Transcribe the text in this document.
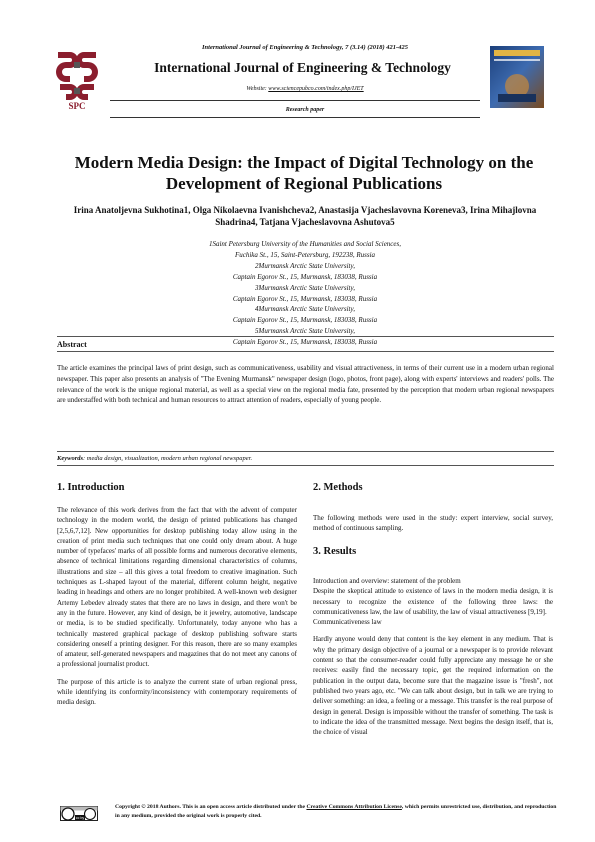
International Journal of Engineering & Technology, 7 (3.14) (2018) 421-425
SPC
International Journal of Engineering & Technology
Website: www.sciencepubco.com/index.php/IJET
Research paper
Modern Media Design: the Impact of Digital Technology on the Development of Regional Publications
Irina Anatoljevna Sukhotina1, Olga Nikolaevna Ivanishcheva2, Anastasija Vjacheslavovna Koreneva3, Irina Mihajlovna Shadrina4, Tatjana Vjacheslavovna Ashutova5
1Saint Petersburg University of the Humanities and Social Sciences,
Fuchika St., 15, Saint-Petersburg, 192238, Russia
2Murmansk Arctic State University,
Captain Egorov St., 15, Murmansk, 183038, Russia
3Murmansk Arctic State University,
Captain Egorov St., 15, Murmansk, 183038, Russia
4Murmansk Arctic State University,
Captain Egorov St., 15, Murmansk, 183038, Russia
5Murmansk Arctic State University,
Captain Egorov St., 15, Murmansk, 183038, Russia
Abstract
The article examines the principal laws of print design, such as communicativeness, usability and visual attractiveness, in terms of their current use in a modern urban regional newspaper. This paper also presents an analysis of "The Evening Murmansk" newspaper design (logo, photos, front page), along with experts' interviews and readers' polls. The relevance of the work is the unique regional material, as well as a special view on the regional media fate, presented by the perception that modern urban regional newspapers are understaffed with both technical and human resources to attract attention of readers, especially of young people.
Keywords: media design, visualization, modern urban regional newspaper.
1. Introduction

The relevance of this work derives from the fact that with the advent of computer technology in the modern world, the design of printed publications has changed [2,5,6,7,12]. New opportunities for desktop publishing today allow using in the creation of print media such techniques that one could only dream about. A huge number of typefaces' marks of all possible forms and numerous decorative elements, absence of technical limitations regarding dimensional characteristics of columns, illustrations and size – all this gives a total freedom to creative imagination. Such techniques as L-shaped layout of the material, different column height, negative leading in headings and others are no longer prohibited. A well-known web designer Artemy Lebedev already states that there are no laws in design, and there won't be any in the future. However, any kind of design, be it jewelry, automotive, landscape or media, is to be studied specifically. Unfortunately, today anyone who has a technically mastered graphical package of desktop publishing software starts considering oneself a printing designer. For this reason, there are so many examples of amateur, self-generated newspapers and magazines that do not meet any canons of a professional journalist product.

The purpose of this article is to analyze the current state of urban regional press, while identifying its conformity/inconsistency with contemporary requirements of media design.

2. Methods

The following methods were used in the study: expert interview, social survey, method of continuous sampling.

3. Results
Introduction and overview: statement of the problem

Despite the skeptical attitude to existence of laws in the modern media design, it is necessary to recognize the existence of the following three laws: the communicativeness law, the law of usability, the law of visual attractiveness [9,19].

Communicativeness law

Hardly anyone would deny that content is the key element in any medium. That is why the primary design objective of a journal or a newspaper is to provide relevant content so that the consumer-reader could fully appreciate any message he or she receives: easily find the necessary topic, get the required information on the publication in the output data, become sure that the magazine issue is "fresh", not published two years ago, etc. "We can talk about design, but in talk we are trying to deliver something: an idea, a feeling or a message. This transfer is the real purpose of design in general. Design is impossible without the transfer of something. The task is to indicate the idea of the transmitted message. Next begins the design itself, that is, the choice of visual

cc by
Copyright © 2018 Authors. This is an open access article distributed under the Creative Commons Attribution License, which permits unrestricted use, distribution, and reproduction in any medium, provided the original work is properly cited.
